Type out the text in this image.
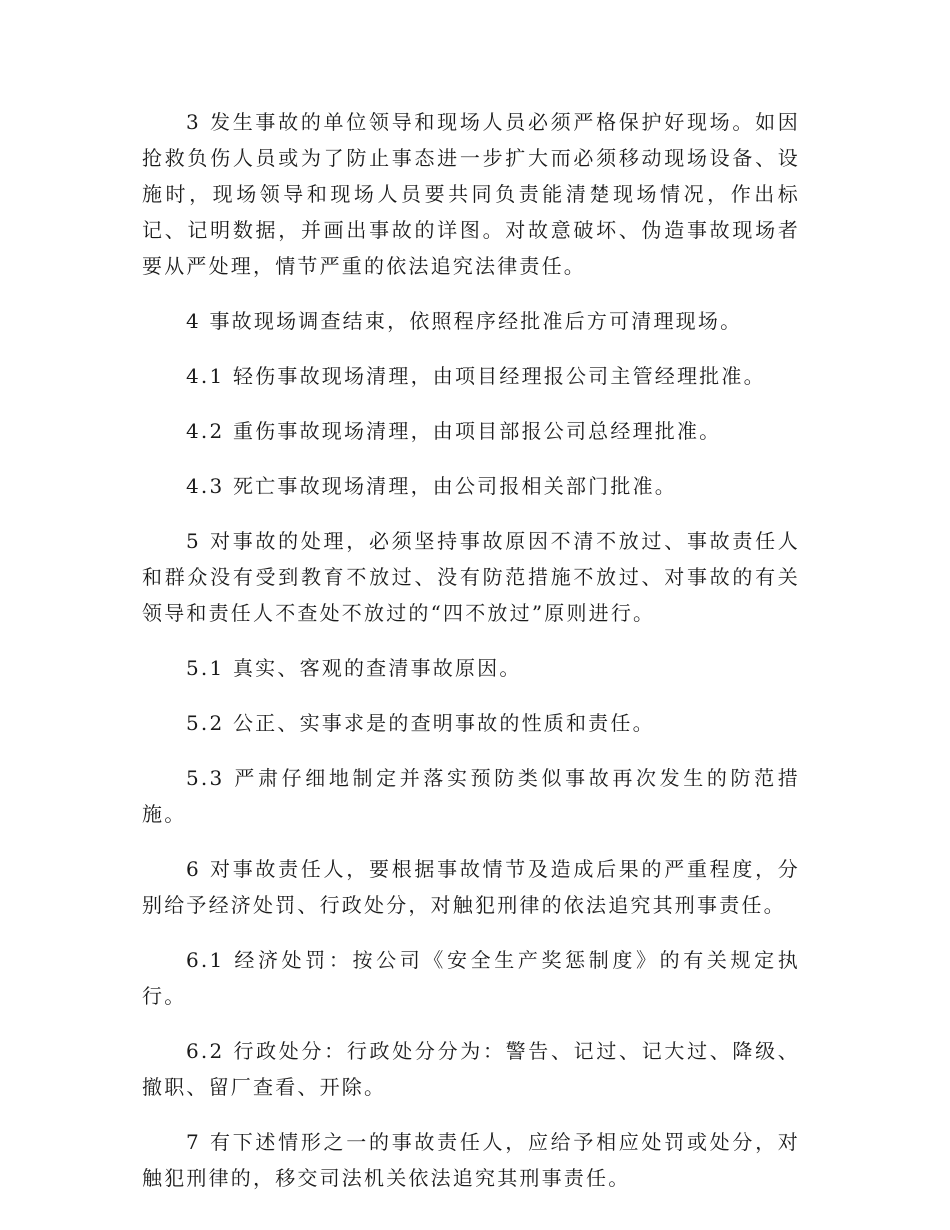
3 发生事故的单位领导和现场人员必须严格保护好现场。如因抢救负伤人员或为了防止事态进一步扩大而必须移动现场设备、设施时，现场领导和现场人员要共同负责能清楚现场情况，作出标记、记明数据，并画出事故的详图。对故意破坏、伪造事故现场者要从严处理，情节严重的依法追究法律责任。

4 事故现场调查结束，依照程序经批准后方可清理现场。

4.1 轻伤事故现场清理，由项目经理报公司主管经理批准。

4.2 重伤事故现场清理，由项目部报公司总经理批准。

4.3 死亡事故现场清理，由公司报相关部门批准。

5 对事故的处理，必须坚持事故原因不清不放过、事故责任人和群众没有受到教育不放过、没有防范措施不放过、对事故的有关领导和责任人不查处不放过的“四不放过”原则进行。

5.1 真实、客观的查清事故原因。

5.2 公正、实事求是的查明事故的性质和责任。

5.3 严肃仔细地制定并落实预防类似事故再次发生的防范措施。

6 对事故责任人，要根据事故情节及造成后果的严重程度，分别给予经济处罚、行政处分，对触犯刑律的依法追究其刑事责任。

6.1 经济处罚：按公司《安全生产奖惩制度》的有关规定执行。

6.2 行政处分：行政处分分为：警告、记过、记大过、降级、撤职、留厂查看、开除。

7 有下述情形之一的事故责任人，应给予相应处罚或处分，对触犯刑律的，移交司法机关依法追究其刑事责任。
